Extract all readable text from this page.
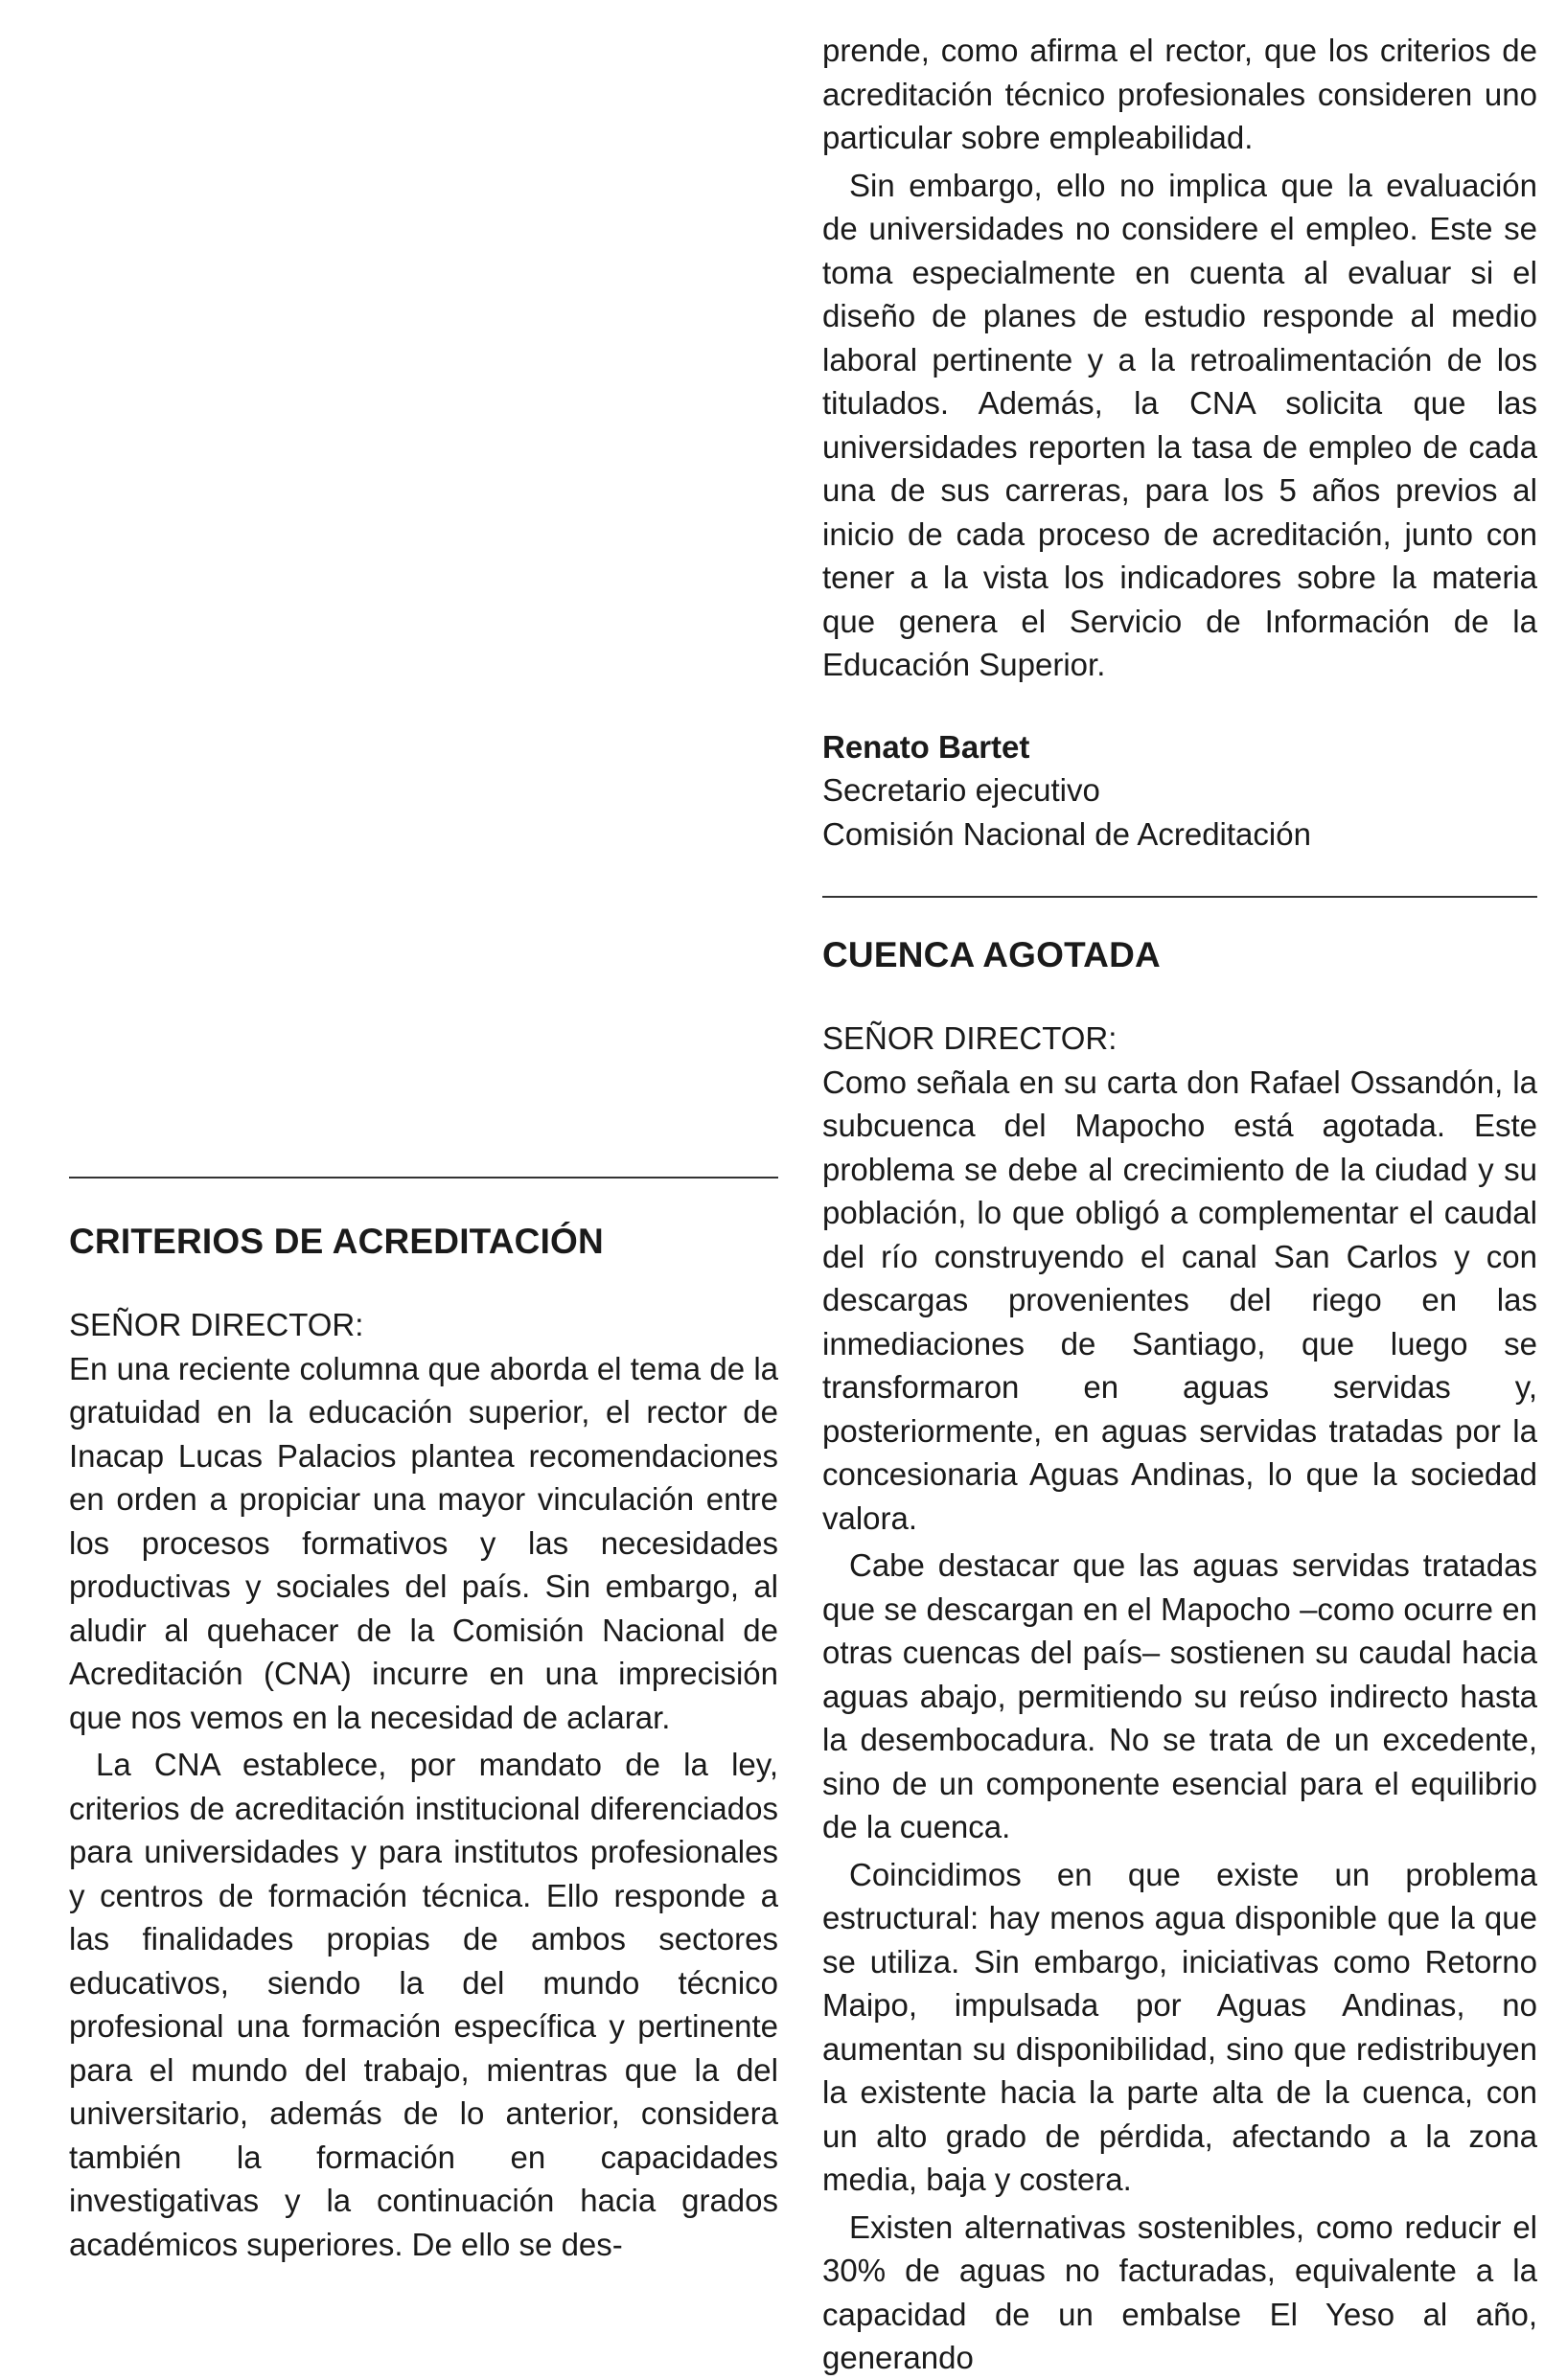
CRITERIOS DE ACREDITACIÓN
SEÑOR DIRECTOR:

En una reciente columna que aborda el tema de la gratuidad en la educación superior, el rector de Inacap Lucas Palacios plantea recomendaciones en orden a propiciar una mayor vinculación entre los procesos formativos y las necesidades productivas y sociales del país. Sin embargo, al aludir al quehacer de la Comisión Nacional de Acreditación (CNA) incurre en una imprecisión que nos vemos en la necesidad de aclarar.

La CNA establece, por mandato de la ley, criterios de acreditación institucional diferenciados para universidades y para institutos profesionales y centros de formación técnica. Ello responde a las finalidades propias de ambos sectores educativos, siendo la del mundo técnico profesional una formación específica y pertinente para el mundo del trabajo, mientras que la del universitario, además de lo anterior, considera también la formación en capacidades investigativas y la continuación hacia grados académicos superiores. De ello se des-

prende, como afirma el rector, que los criterios de acreditación técnico profesionales consideren uno particular sobre empleabilidad.

Sin embargo, ello no implica que la evaluación de universidades no considere el empleo. Este se toma especialmente en cuenta al evaluar si el diseño de planes de estudio responde al medio laboral pertinente y a la retroalimentación de los titulados. Además, la CNA solicita que las universidades reporten la tasa de empleo de cada una de sus carreras, para los 5 años previos al inicio de cada proceso de acreditación, junto con tener a la vista los indicadores sobre la materia que genera el Servicio de Información de la Educación Superior.

Renato Bartet
Secretario ejecutivo
Comisión Nacional de Acreditación
CUENCA AGOTADA
SEÑOR DIRECTOR:

Como señala en su carta don Rafael Ossandón, la subcuenca del Mapocho está agotada. Este problema se debe al crecimiento de la ciudad y su población, lo que obligó a complementar el caudal del río construyendo el canal San Carlos y con descargas provenientes del riego en las inmediaciones de Santiago, que luego se transformaron en aguas servidas y, posteriormente, en aguas servidas tratadas por la concesionaria Aguas Andinas, lo que la sociedad valora.

Cabe destacar que las aguas servidas tratadas que se descargan en el Mapocho –como ocurre en otras cuencas del país– sostienen su caudal hacia aguas abajo, permitiendo su reúso indirecto hasta la desembocadura. No se trata de un excedente, sino de un componente esencial para el equilibrio de la cuenca.

Coincidimos en que existe un problema estructural: hay menos agua disponible que la que se utiliza. Sin embargo, iniciativas como Retorno Maipo, impulsada por Aguas Andinas, no aumentan su disponibilidad, sino que redistribuyen la existente hacia la parte alta de la cuenca, con un alto grado de pérdida, afectando a la zona media, baja y costera.

Existen alternativas sostenibles, como reducir el 30% de aguas no facturadas, equivalente a la capacidad de un embalse El Yeso al año, generando
